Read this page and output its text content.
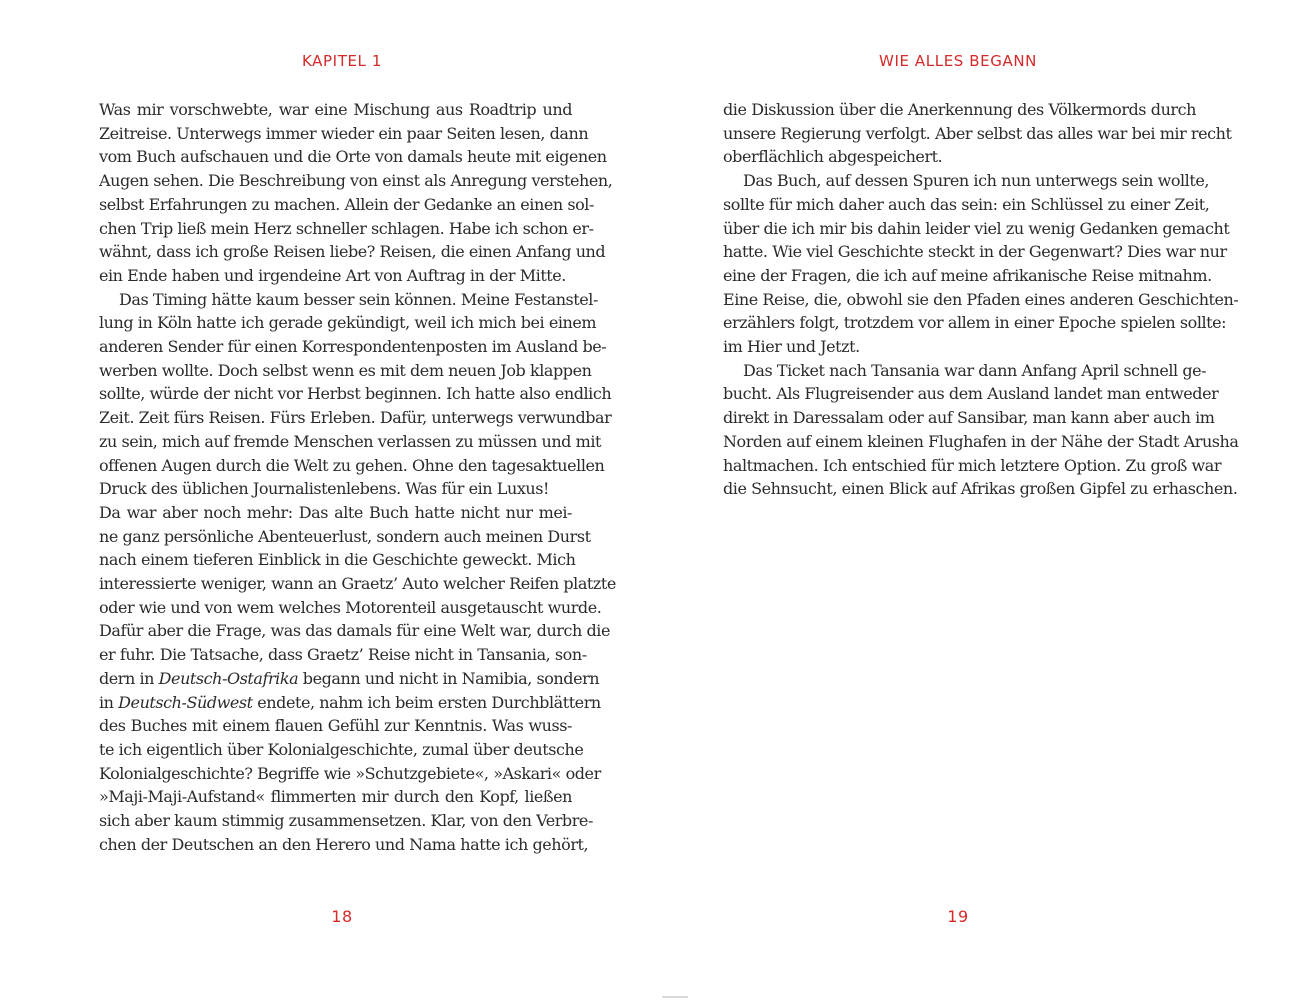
KAPITEL 1
Was mir vorschwebte, war eine Mischung aus Roadtrip und
Zeitreise. Unterwegs immer wieder ein paar Seiten lesen, dann
vom Buch aufschauen und die Orte von damals heute mit eigenen
Augen sehen. Die Beschreibung von einst als Anregung verstehen,
selbst Erfahrungen zu machen. Allein der Gedanke an einen sol-
chen Trip ließ mein Herz schneller schlagen. Habe ich schon er-
wähnt, dass ich große Reisen liebe? Reisen, die einen Anfang und
ein Ende haben und irgendeine Art von Auftrag in der Mitte.
Das Timing hätte kaum besser sein können. Meine Festanstel-
lung in Köln hatte ich gerade gekündigt, weil ich mich bei einem
anderen Sender für einen Korrespondentenposten im Ausland be-
werben wollte. Doch selbst wenn es mit dem neuen Job klappen
sollte, würde der nicht vor Herbst beginnen. Ich hatte also endlich
Zeit. Zeit fürs Reisen. Fürs Erleben. Dafür, unterwegs verwundbar
zu sein, mich auf fremde Menschen verlassen zu müssen und mit
offenen Augen durch die Welt zu gehen. Ohne den tagesaktuellen
Druck des üblichen Journalistenlebens. Was für ein Luxus!
Da war aber noch mehr: Das alte Buch hatte nicht nur mei-
ne ganz persönliche Abenteuerlust, sondern auch meinen Durst
nach einem tieferen Einblick in die Geschichte geweckt. Mich
interessierte weniger, wann an Graetz’ Auto welcher Reifen platzte
oder wie und von wem welches Motorenteil ausgetauscht wurde.
Dafür aber die Frage, was das damals für eine Welt war, durch die
er fuhr. Die Tatsache, dass Graetz’ Reise nicht in Tansania, son-
dern in Deutsch-Ostafrika begann und nicht in Namibia, sondern
in Deutsch-Südwest endete, nahm ich beim ersten Durchblättern
des Buches mit einem flauen Gefühl zur Kenntnis. Was wuss-
te ich eigentlich über Kolonialgeschichte, zumal über deutsche
Kolonialgeschichte? Begriffe wie »Schutzgebiete«, »Askari« oder
»Maji-Maji-Aufstand« flimmerten mir durch den Kopf, ließen
sich aber kaum stimmig zusammensetzen. Klar, von den Verbre-
chen der Deutschen an den Herero und Nama hatte ich gehört,
18
WIE ALLES BEGANN
die Diskussion über die Anerkennung des Völkermords durch
unsere Regierung verfolgt. Aber selbst das alles war bei mir recht
oberflächlich abgespeichert.
Das Buch, auf dessen Spuren ich nun unterwegs sein wollte,
sollte für mich daher auch das sein: ein Schlüssel zu einer Zeit,
über die ich mir bis dahin leider viel zu wenig Gedanken gemacht
hatte. Wie viel Geschichte steckt in der Gegenwart? Dies war nur
eine der Fragen, die ich auf meine afrikanische Reise mitnahm.
Eine Reise, die, obwohl sie den Pfaden eines anderen Geschichten-
erzählers folgt, trotzdem vor allem in einer Epoche spielen sollte:
im Hier und Jetzt.
Das Ticket nach Tansania war dann Anfang April schnell ge-
bucht. Als Flugreisender aus dem Ausland landet man entweder
direkt in Daressalam oder auf Sansibar, man kann aber auch im
Norden auf einem kleinen Flughafen in der Nähe der Stadt Arusha
haltmachen. Ich entschied für mich letztere Option. Zu groß war
die Sehnsucht, einen Blick auf Afrikas großen Gipfel zu erhaschen.
19
